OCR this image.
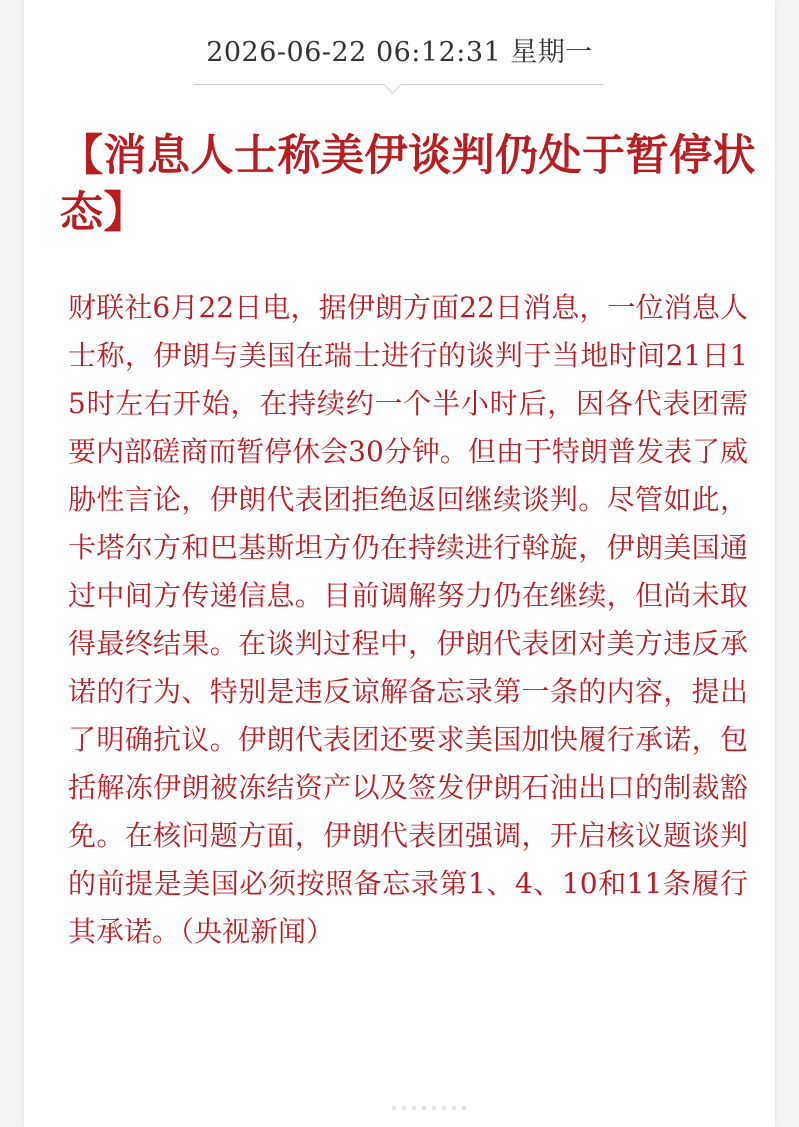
2026-06-22 06:12:31 星期一
【消息人士称美伊谈判仍处于暂停状态】

财联社6月22日电，据伊朗方面22日消息，一位消息人士称，伊朗与美国在瑞士进行的谈判于当地时间21日15时左右开始，在持续约一个半小时后，因各代表团需要内部磋商而暂停休会30分钟。但由于特朗普发表了威胁性言论，伊朗代表团拒绝返回继续谈判。尽管如此，卡塔尔方和巴基斯坦方仍在持续进行斡旋，伊朗美国通过中间方传递信息。目前调解努力仍在继续，但尚未取得最终结果。在谈判过程中，伊朗代表团对美方违反承诺的行为、特别是违反谅解备忘录第一条的内容，提出了明确抗议。伊朗代表团还要求美国加快履行承诺，包括解冻伊朗被冻结资产以及签发伊朗石油出口的制裁豁免。在核问题方面，伊朗代表团强调，开启核议题谈判的前提是美国必须按照备忘录第1、4、10和11条履行其承诺。（央视新闻）
